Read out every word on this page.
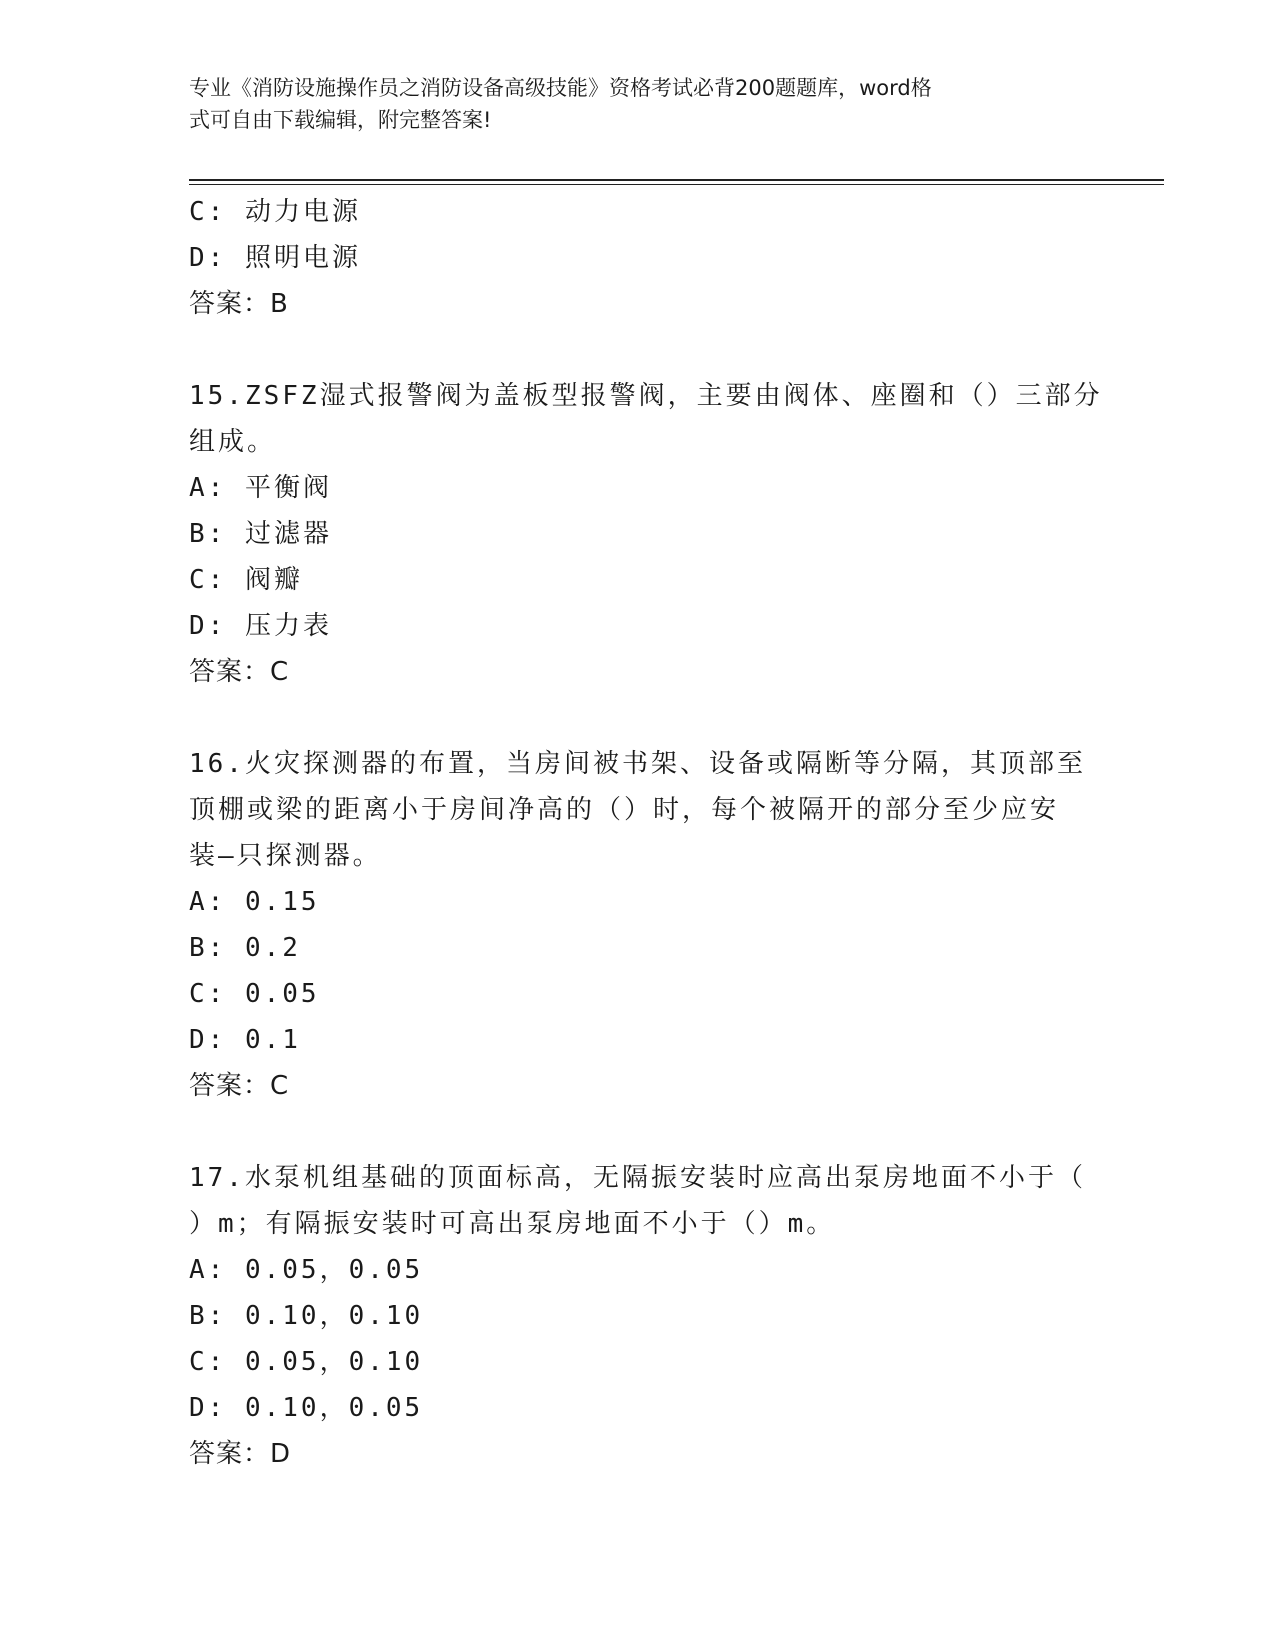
专业《消防设施操作员之消防设备高级技能》资格考试必背200题题库，word格
式可自由下载编辑，附完整答案!
C: 动力电源
D: 照明电源
答案：B
15.ZSFZ湿式报警阀为盖板型报警阀，主要由阀体、座圈和（）三部分
组成。
A: 平衡阀
B: 过滤器
C: 阀瓣
D: 压力表
答案：C
16.火灾探测器的布置，当房间被书架、设备或隔断等分隔，其顶部至
顶棚或梁的距离小于房间净高的（）时，每个被隔开的部分至少应安
装—只探测器。
A: 0.15
B: 0.2
C: 0.05
D: 0.1
答案：C
17.水泵机组基础的顶面标高，无隔振安装时应高出泵房地面不小于（
）m；有隔振安装时可高出泵房地面不小于（）m。
A: 0.05，0.05
B: 0.10，0.10
C: 0.05，0.10
D: 0.10，0.05
答案：D
